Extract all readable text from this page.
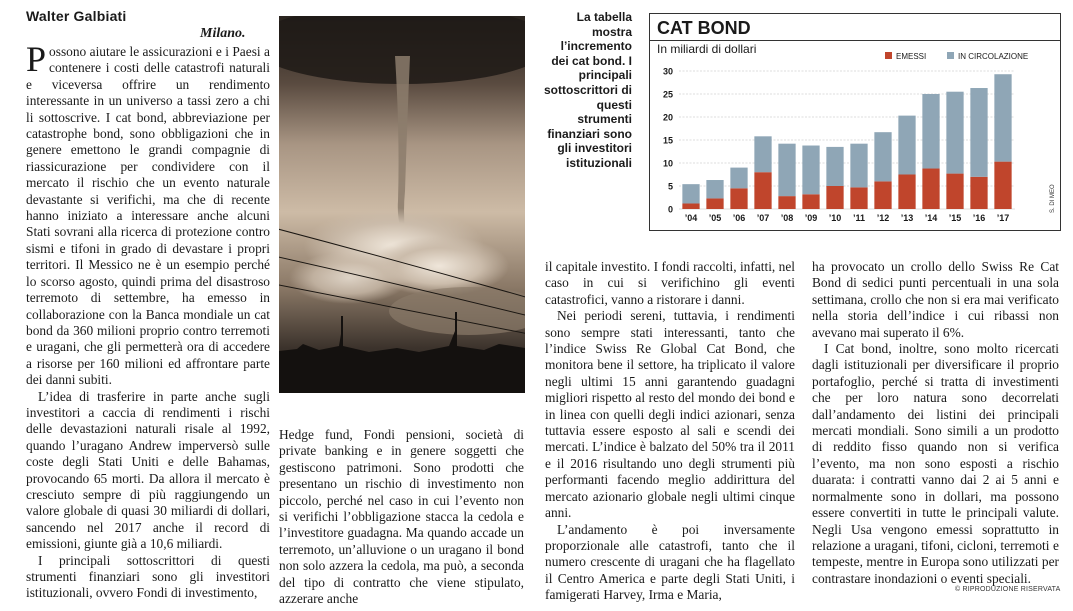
Walter Galbiati
Milano.

Possono aiutare le assicurazioni e i Paesi a contenere i costi delle catastrofi naturali e viceversa offrire un rendimento interessante in un universo a tassi zero a chi li sottoscrive. I cat bond, abbreviazione per catastrophe bond, sono obbligazioni che in genere emettono le grandi compagnie di riassicurazione per condividere con il mercato il rischio che un evento naturale devastante si verifichi, ma che di recente hanno iniziato a interessare anche alcuni Stati sovrani alla ricerca di protezione contro sismi e tifoni in grado di devastare i propri territori. Il Messico ne è un esempio perché lo scorso agosto, quindi prima del disastroso terremoto di settembre, ha emesso in collaborazione con la Banca mondiale un cat bond da 360 milioni proprio contro terremoti e uragani, che gli permetterà ora di accedere a risorse per 160 milioni ed affrontare parte dei danni subiti.

L’idea di trasferire in parte anche sugli investitori a caccia di rendimenti i rischi delle devastazioni naturali risale al 1992, quando l’uragano Andrew imperversò sulle coste degli Stati Uniti e delle Bahamas, provocando 65 morti. Da allora il mercato è cresciuto sempre di più raggiungendo un valore globale di quasi 30 miliardi di dollari, sancendo nel 2017 anche il record di emissioni, giunte già a 10,6 miliardi.

I principali sottoscrittori di questi strumenti finanziari sono gli investitori istituzionali, ovvero Fondi di investimento,

Hedge fund, Fondi pensioni, società di private banking e in genere soggetti che gestiscono patrimoni. Sono prodotti che presentano un rischio di investimento non piccolo, perché nel caso in cui l’evento non si verifichi l’obbligazione stacca la cedola e l’investitore guadagna. Ma quando accade un terremoto, un’alluvione o un uragano il bond non solo azzera la cedola, ma può, a seconda del tipo di contratto che viene stipulato, azzerare anche

La tabella mostra l’incremento dei cat bond. I principali sottoscrittori di questi strumenti finanziari sono gli investitori istituzionali
CAT BOND
In miliardi di dollari
EMESSI	IN CIRCOLAZIONE
0
5
10
15
20
25
30
’04 ’05 ’06 ’07 ’08 ’09 ’10 ’11 ’12 ’13 ’14 ’15 ’16 ’17
S. DI MEO

il capitale investito. I fondi raccolti, infatti, nel caso in cui si verifichino gli eventi catastrofici, vanno a ristorare i danni.

Nei periodi sereni, tuttavia, i rendimenti sono sempre stati interessanti, tanto che l’indice Swiss Re Global Cat Bond, che monitora bene il settore, ha triplicato il valore negli ultimi 15 anni garantendo guadagni migliori rispetto al resto del mondo dei bond e in linea con quelli degli indici azionari, senza tuttavia essere esposto al sali e scendi dei mercati. L’indice è balzato del 50% tra il 2011 e il 2016 risultando uno degli strumenti più performanti facendo meglio addirittura del mercato azionario globale negli ultimi cinque anni.

L’andamento è poi inversamente proporzionale alle catastrofi, tanto che il numero crescente di uragani che ha flagellato il Centro America e parte degli Stati Uniti, i famigerati Harvey, Irma e Maria,

ha provocato un crollo dello Swiss Re Cat Bond di sedici punti percentuali in una sola settimana, crollo che non si era mai verificato nella storia dell’indice i cui ribassi non avevano mai superato il 6%.

I Cat bond, inoltre, sono molto ricercati dagli istituzionali per diversificare il proprio portafoglio, perché si tratta di investimenti che per loro natura sono decorrelati dall’andamento dei listini dei principali mercati mondiali. Sono simili a un prodotto di reddito fisso quando non si verifica l’evento, ma non sono esposti a rischio duarata: i contratti vanno dai 2 ai 5 anni e normalmente sono in dollari, ma possono essere convertiti in tutte le principali valute. Negli Usa vengono emessi soprattutto in relazione a uragani, tifoni, cicloni, terremoti e tempeste, mentre in Europa sono utilizzati per contrastare inondazioni o eventi speciali.

© RIPRODUZIONE RISERVATA
